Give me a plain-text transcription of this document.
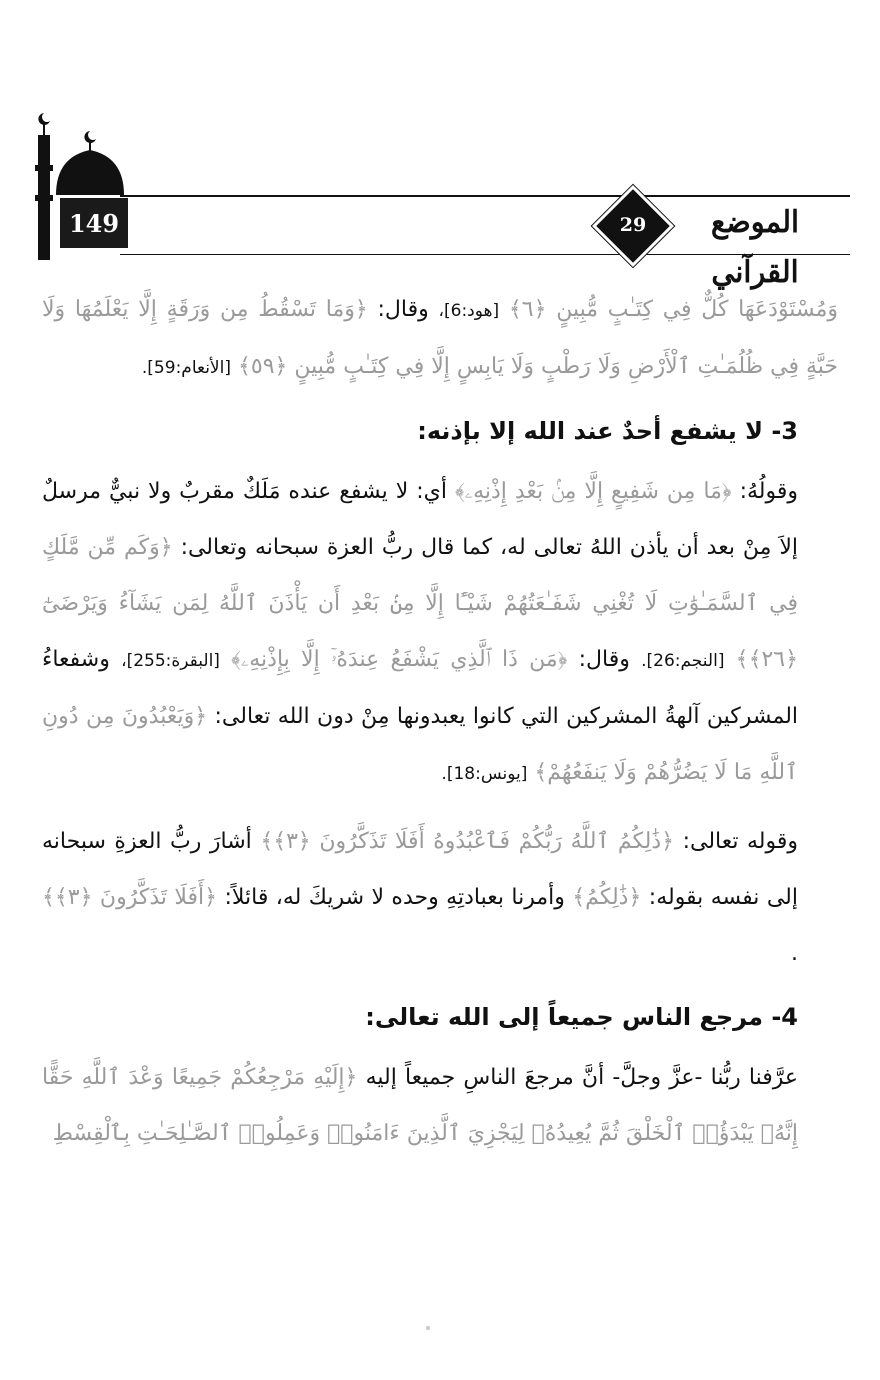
149	29	الموضع القرآني

وَمُسْتَوْدَعَهَا كُلٌّ فِي كِتَـٰبٍ مُّبِينٍ ﴿٦﴾ [هود:6]، وقال: ﴿وَمَا تَسْقُطُ مِن وَرَقَةٍ إِلَّا يَعْلَمُهَا وَلَا حَبَّةٍ فِي ظُلُمَـٰتِ ٱلْأَرْضِ وَلَا رَطْبٍ وَلَا يَابِسٍ إِلَّا فِي كِتَـٰبٍ مُّبِينٍ ﴿٥٩﴾ [الأنعام:59].

3- لا يشفع أحدٌ عند الله إلا بإذنه:

وقولُهُ: ﴿مَا مِن شَفِيعٍ إِلَّا مِنۢ بَعْدِ إِذْنِهِۦ﴾ أي: لا يشفع عنده مَلَكٌ مقربٌ ولا نبيٌّ مرسلٌ إلاَ مِنْ بعد أن يأذن اللهُ تعالى له، كما قال ربُّ العزة سبحانه وتعالى: ﴿وَكَم مِّن مَّلَكٍ فِي ٱلسَّمَـٰوَٰتِ لَا تُغْنِي شَفَـٰعَتُهُمْ شَيْـًٔا إِلَّا مِنۢ بَعْدِ أَن يَأْذَنَ ٱللَّهُ لِمَن يَشَآءُ وَيَرْضَىٰٓ ﴿٢٦﴾﴾ [النجم:26]. وقال: ﴿مَن ذَا ٱلَّذِي يَشْفَعُ عِندَهُۥٓ إِلَّا بِإِذْنِهِۦ﴾ [البقرة:255]، وشفعاءُ المشركين آلهةُ المشركين التي كانوا يعبدونها مِنْ دون الله تعالى: ﴿وَيَعْبُدُونَ مِن دُونِ ٱللَّهِ مَا لَا يَضُرُّهُمْ وَلَا يَنفَعُهُمْ﴾ [يونس:18].

وقوله تعالى: ﴿ذَٰلِكُمُ ٱللَّهُ رَبُّكُمْ فَٱعْبُدُوهُ أَفَلَا تَذَكَّرُونَ ﴿٣﴾﴾ أشارَ ربُّ العزةِ سبحانه إلى نفسه بقوله: ﴿ذَٰلِكُمُ﴾ وأمرنا بعبادتِهِ وحده لا شريكَ له، قائلاً: ﴿أَفَلَا تَذَكَّرُونَ ﴿٣﴾﴾ .

4- مرجع الناس جميعاً إلى الله تعالى:

عرَّفنا ربُّنا -عزَّ وجلَّ- أنَّ مرجعَ الناسِ جميعاً إليه ﴿إِلَيْهِ مَرْجِعُكُمْ جَمِيعًا وَعْدَ ٱللَّهِ حَقًّا إِنَّهُۥ يَبْدَؤُا۟ ٱلْخَلْقَ ثُمَّ يُعِيدُهُۥ لِيَجْزِيَ ٱلَّذِينَ ءَامَنُوا۟ وَعَمِلُوا۟ ٱلصَّـٰلِحَـٰتِ بِٱلْقِسْطِ
